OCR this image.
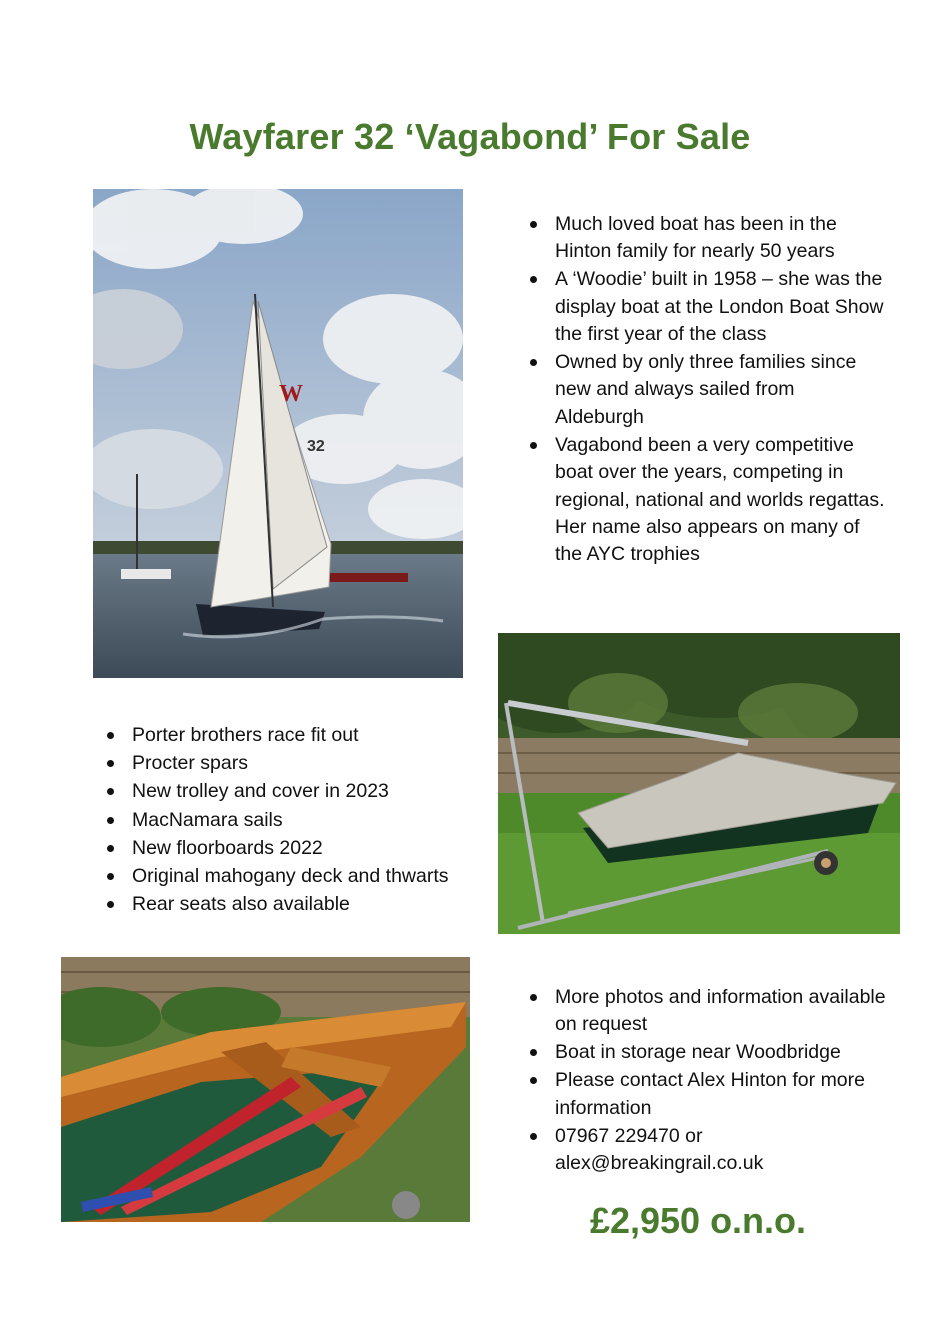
Wayfarer 32 ‘Vagabond’ For Sale
W
32
Much loved boat has been in the Hinton family for nearly 50 years
A ‘Woodie’ built in 1958 – she was the display boat at the London Boat Show the first year of the class
Owned by only three families since new and always sailed from Aldeburgh
Vagabond been a very competitive boat over the years, competing in regional, national and worlds regattas. Her name also appears on many of the AYC trophies
Porter brothers race fit out
Procter spars
New trolley and cover in 2023
MacNamara sails
New floorboards 2022
Original mahogany deck and thwarts
Rear seats also available
More photos and information available on request
Boat in storage near Woodbridge
Please contact Alex Hinton for more information
07967 229470 or alex@breakingrail.co.uk
£2,950 o.n.o.
